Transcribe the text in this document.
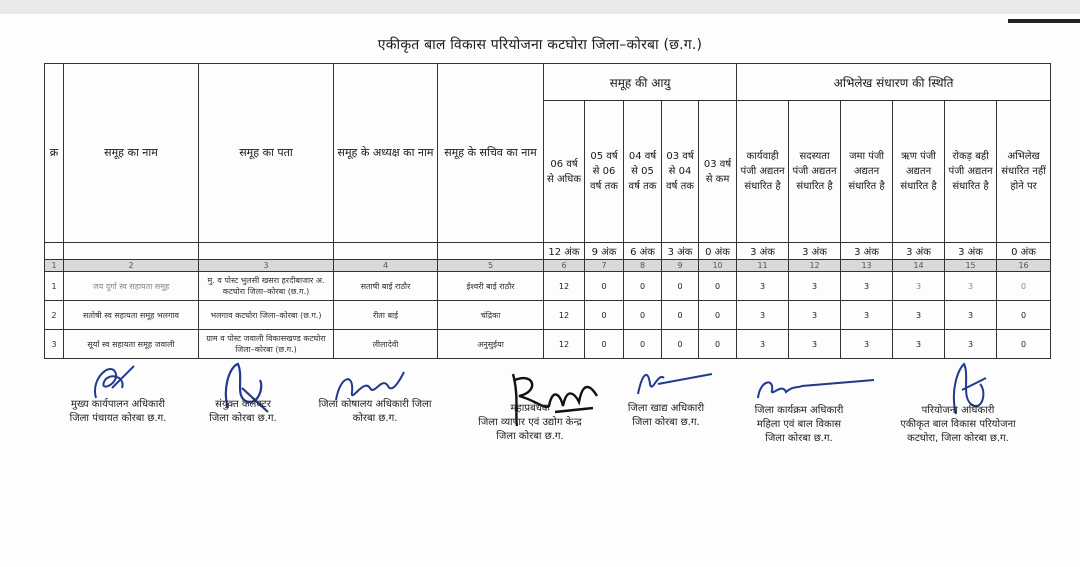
एकीकृत बाल विकास परियोजना कटघोरा जिला–कोरबा (छ.ग.)
क्र	समूह का नाम	समूह का पता	समूह के अध्यक्ष का नाम	समूह के सचिव का नाम	समूह की आयु					अभिलेख संधारण की स्थिति					
					06 वर्ष से अधिक	05 वर्ष से 06 वर्ष तक	04 वर्ष से 05 वर्ष तक	03 वर्ष से 04 वर्ष तक	03 वर्ष से कम	कार्यवाही पंजी अद्यतन संधारित है	सदस्यता पंजी अद्यतन संधारित है	जमा पंजी अद्यतन संधारित है	ऋण पंजी अद्यतन संधारित है	रोकड़ बही पंजी अद्यतन संधारित है	अभिलेख संधारित नहीं होने पर
					12 अंक	9 अंक	6 अंक	3 अंक	0 अंक	3 अंक	3 अंक	3 अंक	3 अंक	3 अंक	0 अंक
1	2	3	4	5	6	7	8	9	10	11	12	13	14	15	16
1	जय दुर्गा स्व सहायता समूह	मु. व पोस्ट भुलसी खसरा हरदीबाजार अ. कटघोरा जिला–कोरबा (छ.ग.)	सताषी बाई राठौर	ईश्वरी बाई राठौर	12	0	0	0	0	3	3	3	3	3	0
2	सतोषी स्व सहायता समूह भलगाव	भलगाव कटघोरा जिला–कोरबा (छ.ग.)	रीता बाई	चंद्रिका	12	0	0	0	0	3	3	3	3	3	0
3	सूर्या स्व सहायता समूह जवाली	ग्राम व पोस्ट जवाली विकासखण्ड कटघोरा जिला–कोरबा (छ.ग.)	लीलादेवी	अनुसुईया	12	0	0	0	0	3	3	3	3	3	0
मुख्य कार्यपालन अधिकारी
जिला पंचायत कोरबा छ.ग.
संयुक्त कलेक्टर
जिला कोरबा छ.ग.
जिला कोषालय अधिकारी जिला
कोरबा छ.ग.
महाप्रबंधक
जिला व्यापार एवं उद्योग केन्द्र
जिला कोरबा छ.ग.
जिला खाद्य अधिकारी
जिला कोरबा छ.ग.
जिला कार्यक्रम अधिकारी
महिला एवं बाल विकास
जिला कोरबा छ.ग.
परियोजना अधिकारी
एकीकृत बाल विकास परियोजना
कटघोरा, जिला कोरबा छ.ग.
